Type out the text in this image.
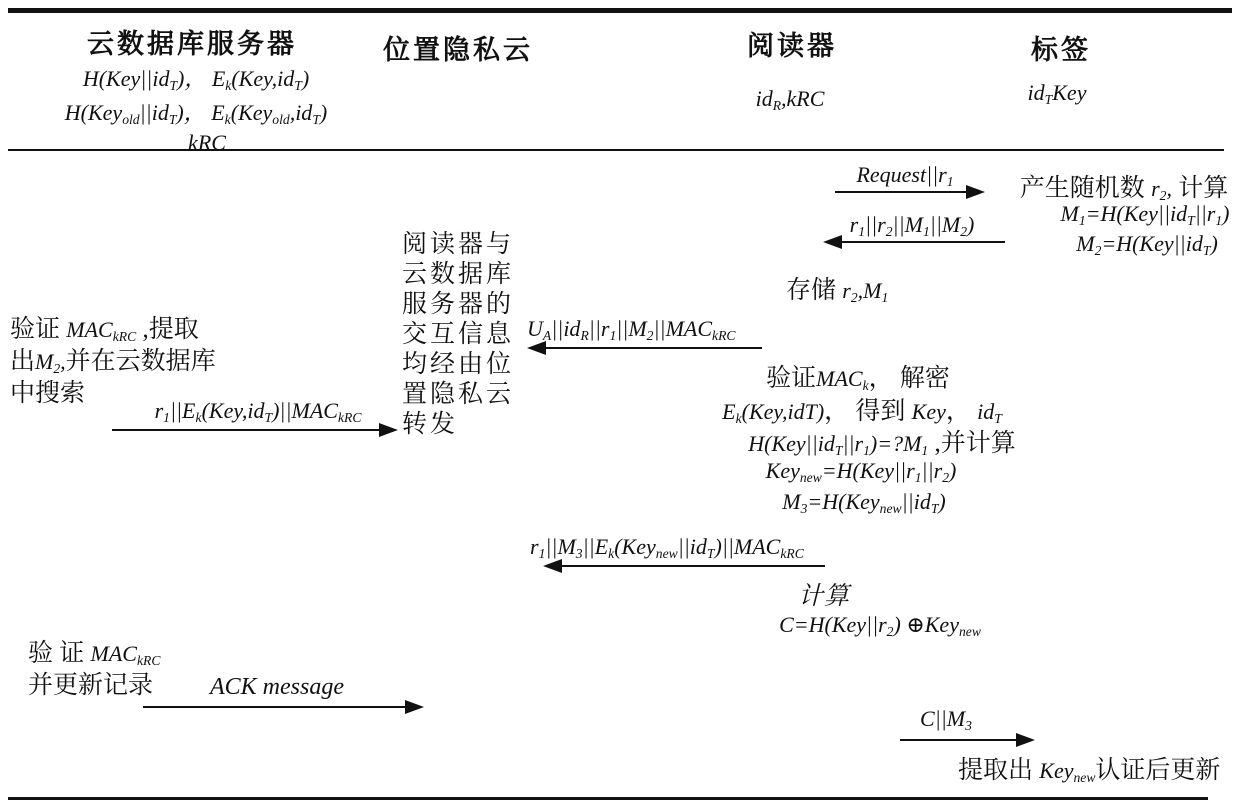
云数据库服务器	位置隐私云	阅读器	标签
$H(Key||id_T)$， $E_k(Key,id_T)$
$H(Key_{old}||id_T)$， $E_k(Key_{old},id_T)$
kRC
$id_R,kRC$	$id_TKey$
$Request||r_1$	产生随机数 $r_2$, 计算
$M_1=H(Key||id_T||r_1)$
$M_2=H(Key||id_T)$
$r_1||r_2||M_1||M_2$)
存储 $r_2,M_1$
阅读器与
云数据库
服务器的
交互信息
均经由位
置隐私云
转发
$U_A||id_R||r_1||M_2||MAC_{kRC}$
验证$MAC_k$， 解密
$E_k(Key,idT)$， 得到 Key， $id_T$
$H(Key||id_T||r_1)=?M_1$ ,并计算
$Key_{new}=H(Key||r_1||r_2)$
$M_3=H(Key_{new}||id_T)$
验证 $MAC_{kRC}$ ,提取
出$M_2$,并在云数据库
中搜索
$r_1||E_k(Key,id_T)||MAC_{kRC}$
$r_1||M_3||E_k(Key_{new}||id_T)||MAC_{kRC}$
计算
$C=H(Key||r_2)$ ⊕Key$_{new}$
验 证 $MAC_{kRC}$
并更新记录	ACK message
$C||M_3$
提取出 Key$_{new}$认证后更新
